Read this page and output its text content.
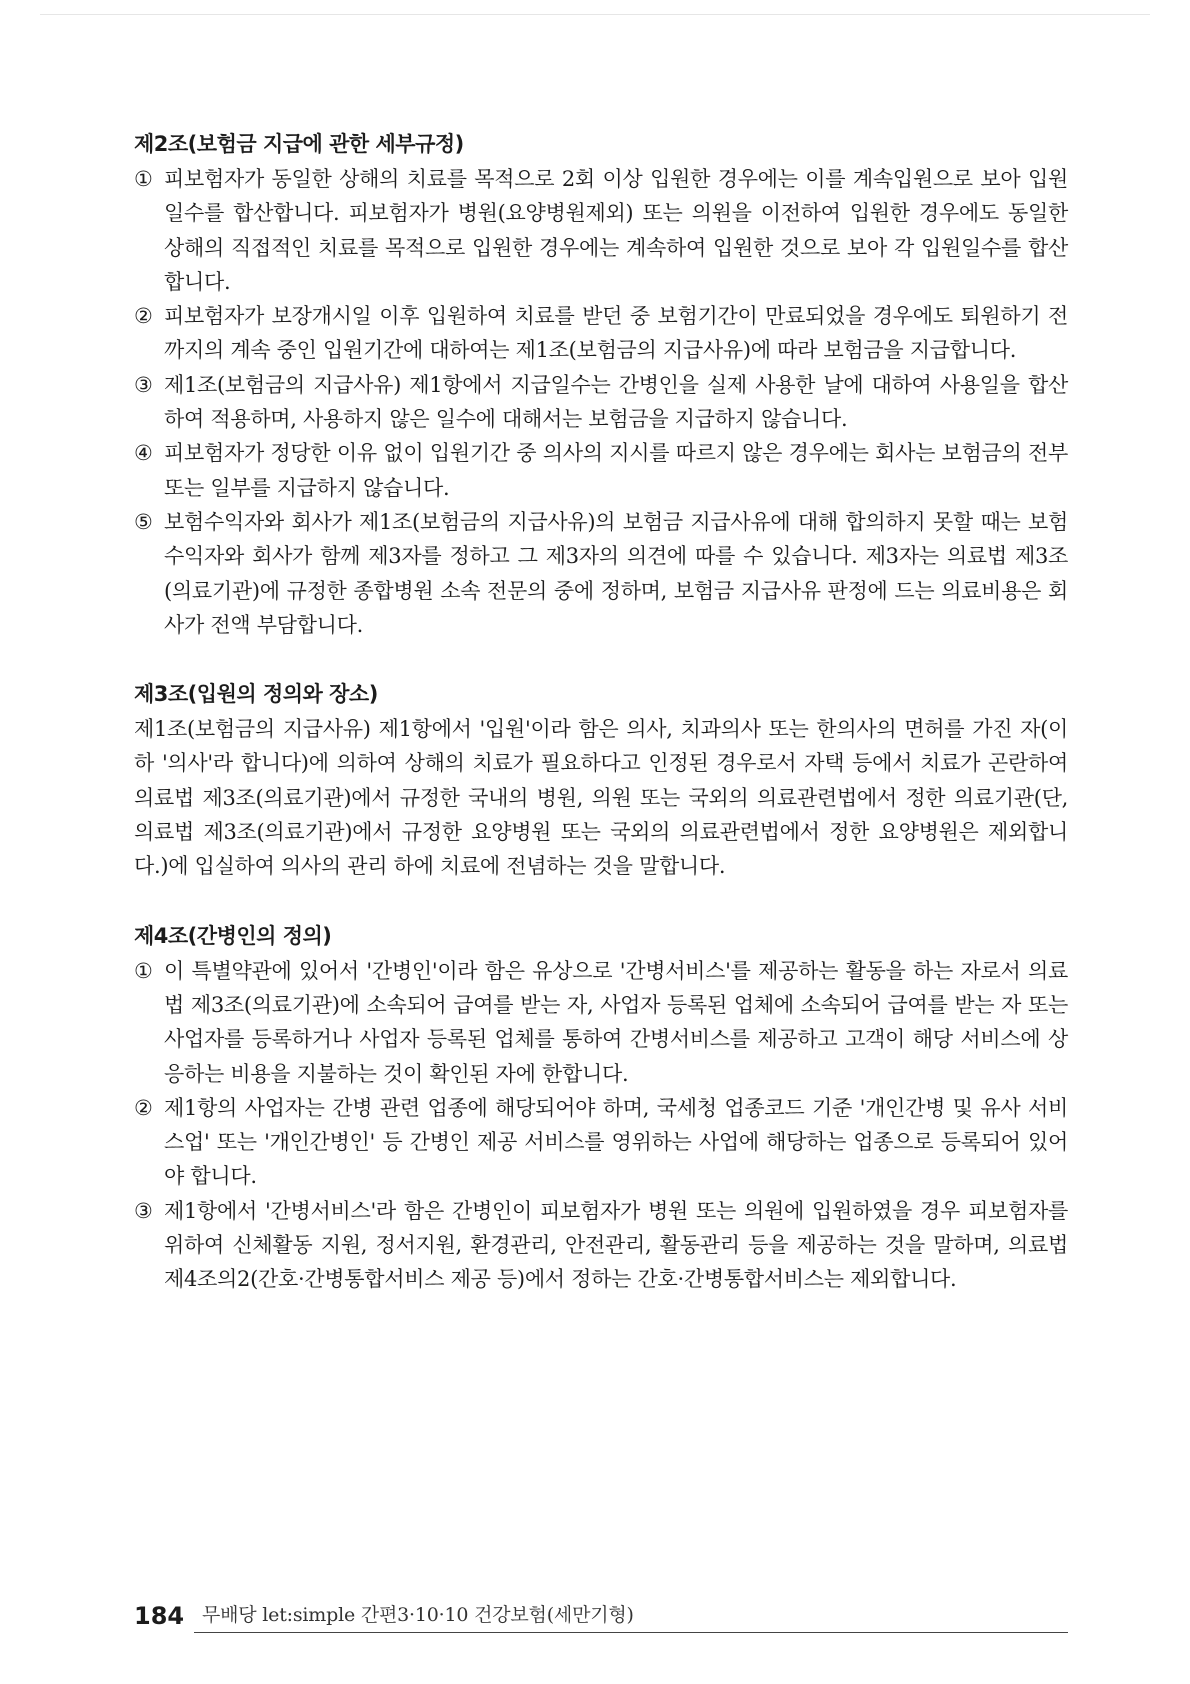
제2조(보험금 지급에 관한 세부규정)
① 피보험자가 동일한 상해의 치료를 목적으로 2회 이상 입원한 경우에는 이를 계속입원으로 보아 입원일수를 합산합니다. 피보험자가 병원(요양병원제외) 또는 의원을 이전하여 입원한 경우에도 동일한 상해의 직접적인 치료를 목적으로 입원한 경우에는 계속하여 입원한 것으로 보아 각 입원일수를 합산합니다.
② 피보험자가 보장개시일 이후 입원하여 치료를 받던 중 보험기간이 만료되었을 경우에도 퇴원하기 전까지의 계속 중인 입원기간에 대하여는 제1조(보험금의 지급사유)에 따라 보험금을 지급합니다.
③ 제1조(보험금의 지급사유) 제1항에서 지급일수는 간병인을 실제 사용한 날에 대하여 사용일을 합산하여 적용하며, 사용하지 않은 일수에 대해서는 보험금을 지급하지 않습니다.
④ 피보험자가 정당한 이유 없이 입원기간 중 의사의 지시를 따르지 않은 경우에는 회사는 보험금의 전부 또는 일부를 지급하지 않습니다.
⑤ 보험수익자와 회사가 제1조(보험금의 지급사유)의 보험금 지급사유에 대해 합의하지 못할 때는 보험수익자와 회사가 함께 제3자를 정하고 그 제3자의 의견에 따를 수 있습니다. 제3자는 의료법 제3조(의료기관)에 규정한 종합병원 소속 전문의 중에 정하며, 보험금 지급사유 판정에 드는 의료비용은 회사가 전액 부담합니다.
제3조(입원의 정의와 장소)

제1조(보험금의 지급사유) 제1항에서 '입원'이라 함은 의사, 치과의사 또는 한의사의 면허를 가진 자(이하 '의사'라 합니다)에 의하여 상해의 치료가 필요하다고 인정된 경우로서 자택 등에서 치료가 곤란하여 의료법 제3조(의료기관)에서 규정한 국내의 병원, 의원 또는 국외의 의료관련법에서 정한 의료기관(단, 의료법 제3조(의료기관)에서 규정한 요양병원 또는 국외의 의료관련법에서 정한 요양병원은 제외합니다.)에 입실하여 의사의 관리 하에 치료에 전념하는 것을 말합니다.

제4조(간병인의 정의)
① 이 특별약관에 있어서 '간병인'이라 함은 유상으로 '간병서비스'를 제공하는 활동을 하는 자로서 의료법 제3조(의료기관)에 소속되어 급여를 받는 자, 사업자 등록된 업체에 소속되어 급여를 받는 자 또는 사업자를 등록하거나 사업자 등록된 업체를 통하여 간병서비스를 제공하고 고객이 해당 서비스에 상응하는 비용을 지불하는 것이 확인된 자에 한합니다.
② 제1항의 사업자는 간병 관련 업종에 해당되어야 하며, 국세청 업종코드 기준 '개인간병 및 유사 서비스업' 또는 '개인간병인' 등 간병인 제공 서비스를 영위하는 사업에 해당하는 업종으로 등록되어 있어야 합니다.
③ 제1항에서 '간병서비스'라 함은 간병인이 피보험자가 병원 또는 의원에 입원하였을 경우 피보험자를 위하여 신체활동 지원, 정서지원, 환경관리, 안전관리, 활동관리 등을 제공하는 것을 말하며, 의료법 제4조의2(간호·간병통합서비스 제공 등)에서 정하는 간호·간병통합서비스는 제외합니다.
184 무배당 let:simple 간편3·10·10 건강보험(세만기형)
